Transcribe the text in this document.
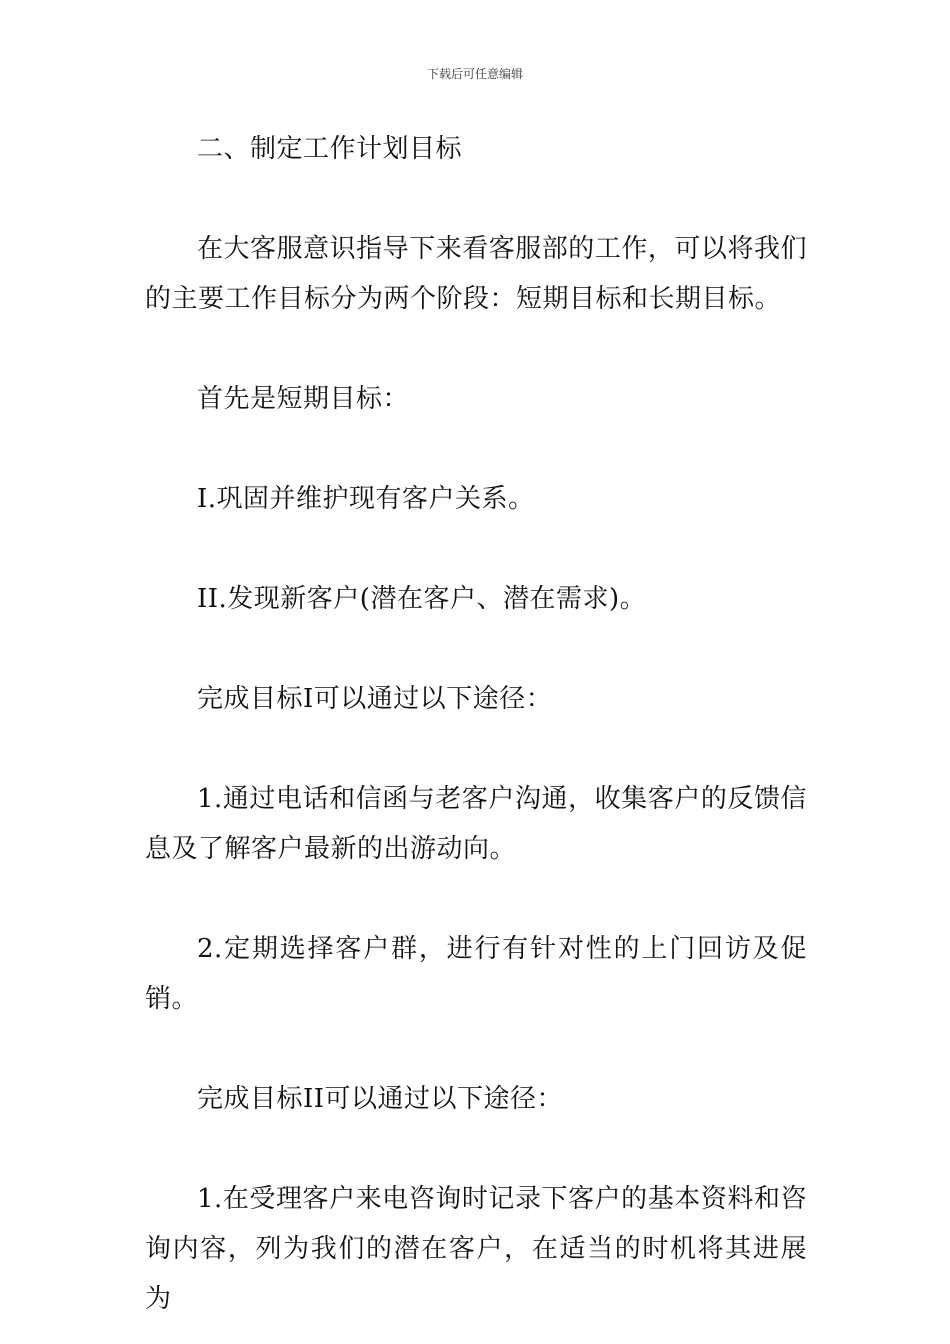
下载后可任意编辑

二、制定工作计划目标

在大客服意识指导下来看客服部的工作，可以将我们的主要工作目标分为两个阶段：短期目标和长期目标。

首先是短期目标：

I.巩固并维护现有客户关系。

II.发现新客户(潜在客户、潜在需求)。

完成目标I可以通过以下途径：

1.通过电话和信函与老客户沟通，收集客户的反馈信息及了解客户最新的出游动向。

2.定期选择客户群，进行有针对性的上门回访及促销。

完成目标II可以通过以下途径：

1.在受理客户来电咨询时记录下客户的基本资料和咨询内容，列为我们的潜在客户，在适当的时机将其进展为
